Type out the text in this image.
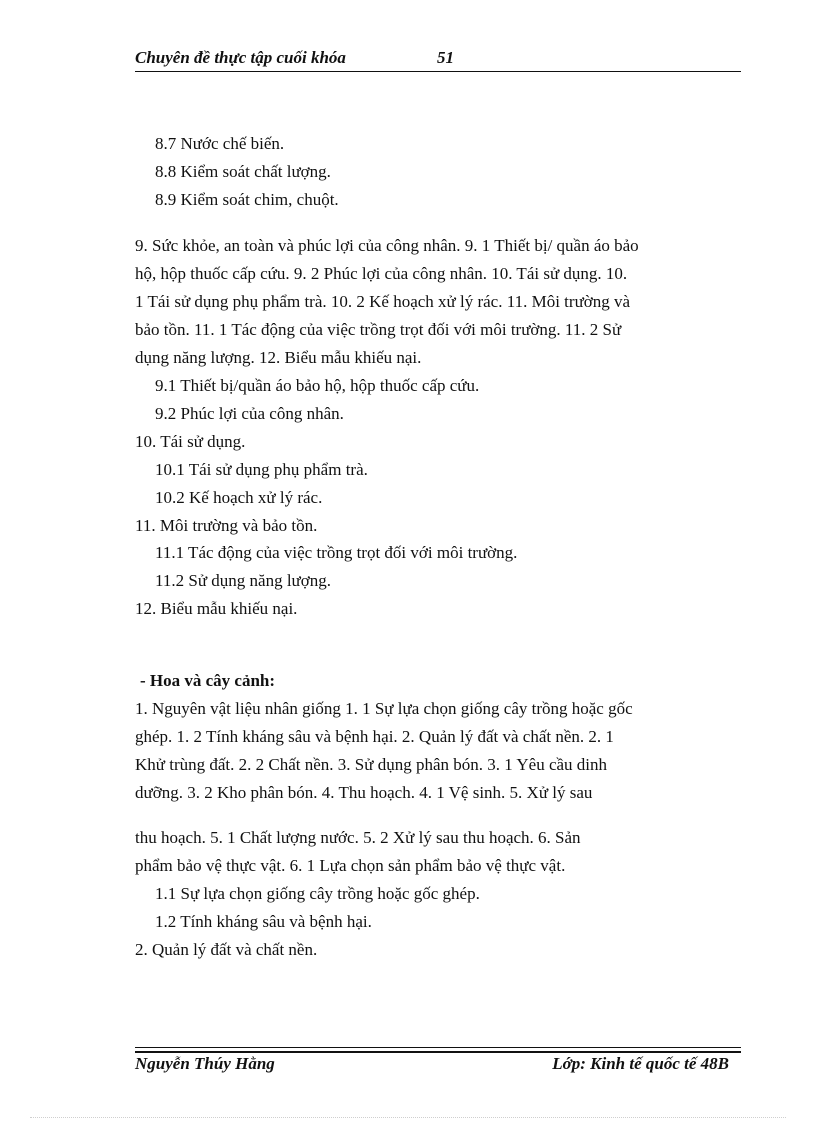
Chuyên đề thực tập cuối khóa	51
8.7 Nước chế biến.
8.8 Kiểm soát chất lượng.
8.9 Kiểm soát chim, chuột.
9. Sức khỏe, an toàn và phúc lợi của công nhân. 9. 1 Thiết bị/ quần áo bảo
hộ, hộp thuốc cấp cứu. 9. 2 Phúc lợi của công nhân. 10. Tái sử dụng. 10.
1 Tái sử dụng phụ phẩm trà. 10. 2 Kế hoạch xử lý rác. 11. Môi trường và
bảo tồn. 11. 1 Tác động của việc trồng trọt đối với môi trường. 11. 2 Sử
dụng năng lượng. 12. Biểu mẫu khiếu nại.
9.1 Thiết bị/quần áo bảo hộ, hộp thuốc cấp cứu.
9.2 Phúc lợi của công nhân.
10. Tái sử dụng.
10.1 Tái sử dụng phụ phẩm trà.
10.2 Kế hoạch xử lý rác.
11. Môi trường và bảo tồn.
11.1 Tác động của việc trồng trọt đối với môi trường.
11.2 Sử dụng năng lượng.
12. Biểu mẫu khiếu nại.
- Hoa và cây cảnh:
1. Nguyên vật liệu nhân giống 1. 1 Sự lựa chọn giống cây trồng hoặc gốc
ghép. 1. 2 Tính kháng sâu và bệnh hại. 2. Quản lý đất và chất nền. 2. 1
Khử trùng đất. 2. 2 Chất nền. 3. Sử dụng phân bón. 3. 1 Yêu cầu dinh
dưỡng. 3. 2 Kho phân bón. 4. Thu hoạch. 4. 1 Vệ sinh. 5. Xử lý sau
thu hoạch. 5. 1 Chất lượng nước. 5. 2 Xử lý sau thu hoạch. 6. Sản
phẩm bảo vệ thực vật. 6. 1 Lựa chọn sản phẩm bảo vệ thực vật.
1.1 Sự lựa chọn giống cây trồng hoặc gốc ghép.
1.2 Tính kháng sâu và bệnh hại.
2. Quản lý đất và chất nền.
Nguyễn Thúy Hằng	Lớp: Kinh tế quốc tế 48B
